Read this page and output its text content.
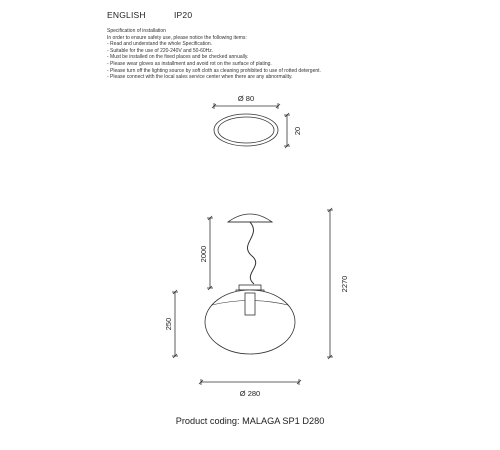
ENGLISH	IP20
Specification of installation
In order to ensure safety use, please notice the following items:
- Read and understand the whole Specification.
- Suitable for the use of 220-240V and 50-60Hz.
- Must be installed on the fixed places and be checked annually.
- Please wear gloves as installment and avoid rot on the surface of plating.
- Please turn off the lighting source by soft cloth as cleaning prohibited to use of rotted detergent.
- Please connect with the local sales service center when there are any abnormality.
Ø 80
20
2000
250
2270
Ø 280
Product coding: MALAGA SP1 D280
